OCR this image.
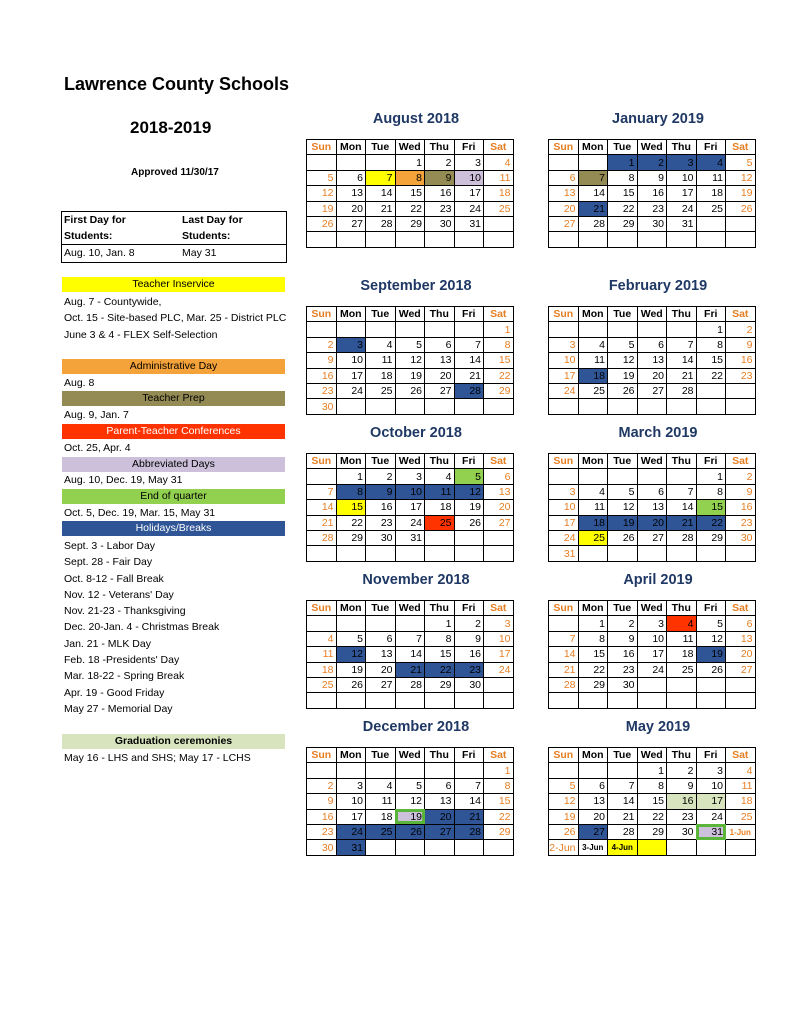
Lawrence County Schools
2018-2019
Approved 11/30/17
First Day for
Students:
Aug. 10, Jan. 8
Last Day for
Students:
May 31
Teacher Inservice
Aug. 7 - Countywide,
Oct. 15 - Site-based PLC, Mar. 25 - District PLC
June 3 & 4 - FLEX Self-Selection
Administrative Day
Aug. 8
Teacher Prep
Aug. 9, Jan. 7
Parent-Teacher Conferences
Oct. 25, Apr. 4
Abbreviated Days
Aug. 10, Dec. 19, May 31
End of quarter
Oct. 5, Dec. 19, Mar. 15, May 31
Holidays/Breaks
Sept. 3 - Labor Day
Sept. 28 - Fair Day
Oct. 8-12 - Fall Break
Nov. 12 - Veterans' Day
Nov. 21-23 - Thanksgiving
Dec. 20-Jan. 4 - Christmas Break
Jan. 21 - MLK Day
Feb. 18 -Presidents' Day
Mar. 18-22 - Spring Break
Apr. 19 - Good Friday
May 27 - Memorial Day
Graduation ceremonies
May 16 - LHS and SHS; May 17 - LCHS
August 2018
Sun	Mon	Tue	Wed	Thu	Fri	Sat
			1	2	3	4
5	6	7	8	9	10	11
12	13	14	15	16	17	18
19	20	21	22	23	24	25
26	27	28	29	30	31	

January 2019
Sun	Mon	Tue	Wed	Thu	Fri	Sat
		1	2	3	4	5
6	7	8	9	10	11	12
13	14	15	16	17	18	19
20	21	22	23	24	25	26
27	28	29	30	31		

September 2018
Sun	Mon	Tue	Wed	Thu	Fri	Sat
						1
2	3	4	5	6	7	8
9	10	11	12	13	14	15
16	17	18	19	20	21	22
23	24	25	26	27	28	29
30						
February 2019
Sun	Mon	Tue	Wed	Thu	Fri	Sat
					1	2
3	4	5	6	7	8	9
10	11	12	13	14	15	16
17	18	19	20	21	22	23
24	25	26	27	28		

October 2018
Sun	Mon	Tue	Wed	Thu	Fri	Sat
	1	2	3	4	5	6
7	8	9	10	11	12	13
14	15	16	17	18	19	20
21	22	23	24	25	26	27
28	29	30	31			

March 2019
Sun	Mon	Tue	Wed	Thu	Fri	Sat
					1	2
3	4	5	6	7	8	9
10	11	12	13	14	15	16
17	18	19	20	21	22	23
24	25	26	27	28	29	30
31						
November 2018
Sun	Mon	Tue	Wed	Thu	Fri	Sat
				1	2	3
4	5	6	7	8	9	10
11	12	13	14	15	16	17
18	19	20	21	22	23	24
25	26	27	28	29	30	

April 2019
Sun	Mon	Tue	Wed	Thu	Fri	Sat
	1	2	3	4	5	6
7	8	9	10	11	12	13
14	15	16	17	18	19	20
21	22	23	24	25	26	27
28	29	30				

December 2018
Sun	Mon	Tue	Wed	Thu	Fri	Sat
						1
2	3	4	5	6	7	8
9	10	11	12	13	14	15
16	17	18	19	20	21	22
23	24	25	26	27	28	29
30	31					
May 2019
Sun	Mon	Tue	Wed	Thu	Fri	Sat
			1	2	3	4
5	6	7	8	9	10	11
12	13	14	15	16	17	18
19	20	21	22	23	24	25
26	27	28	29	30	31	1-Jun
2-Jun	3-Jun	4-Jun				
